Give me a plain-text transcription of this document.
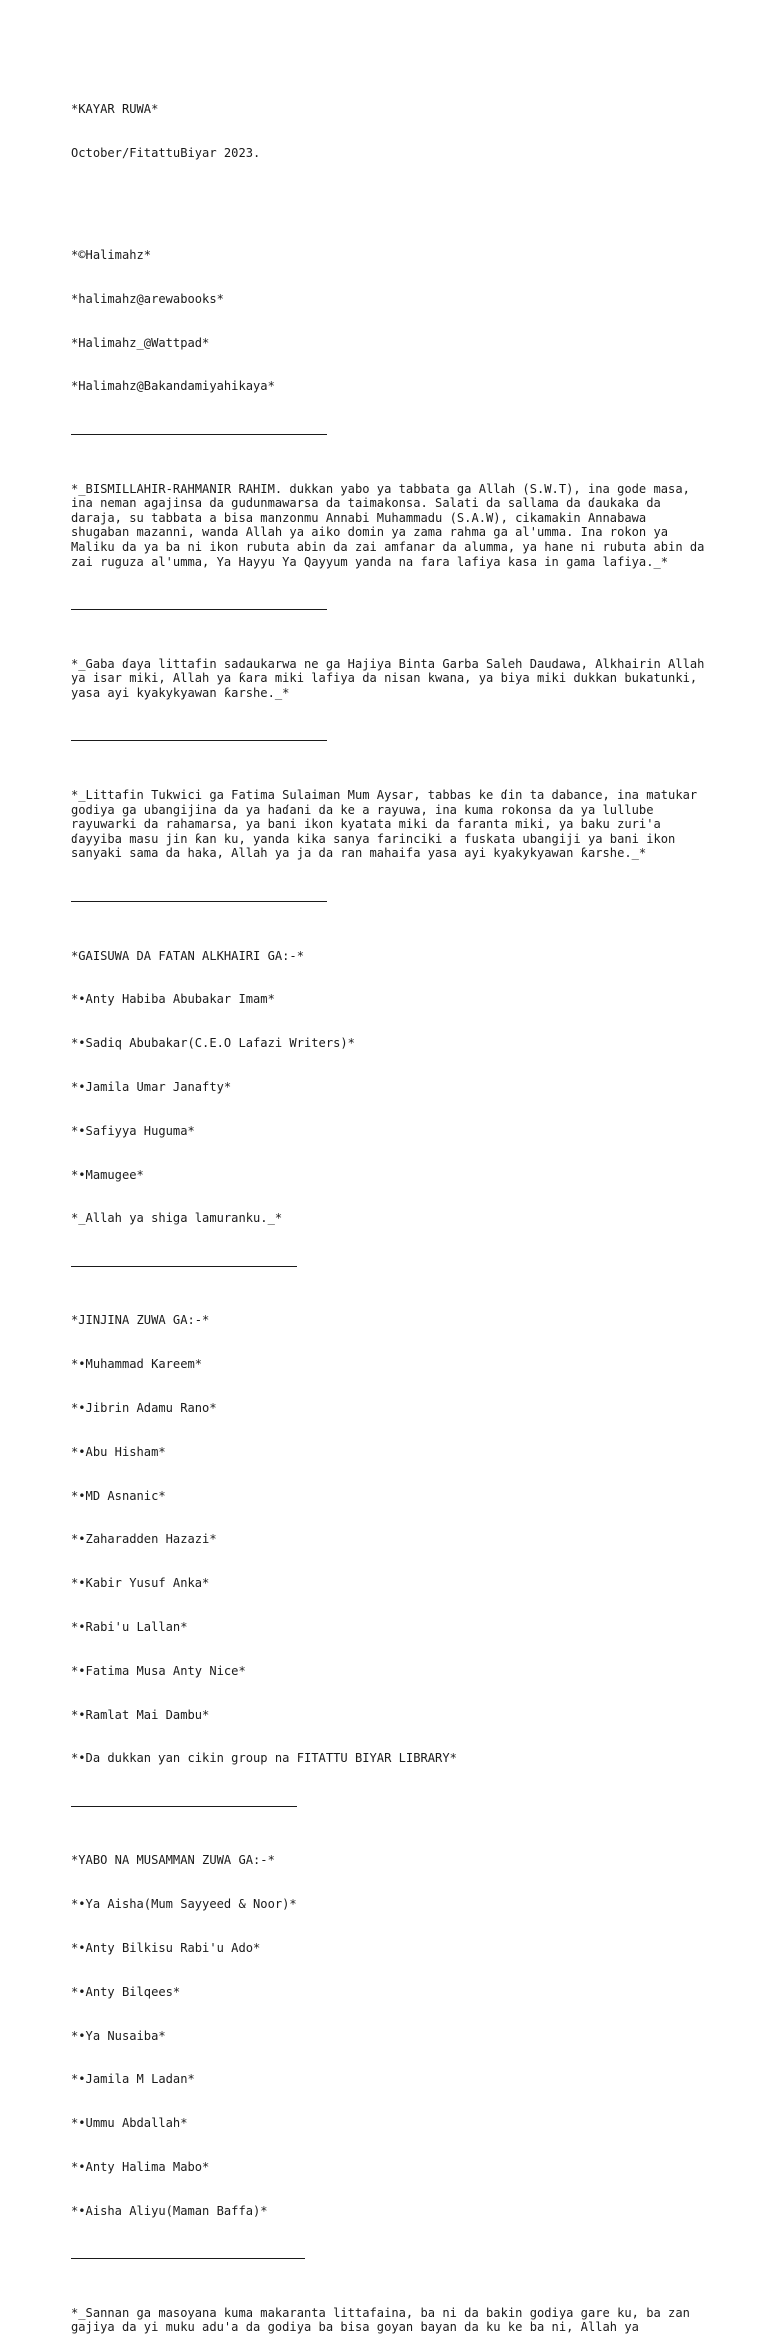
*KAYAR RUWA*

October/FitattuBiyar 2023.

*©Halimahz*

*halimahz@arewabooks*

*Halimahz_@Wattpad*

*Halimahz@Bakandamiyahikaya*

*_BISMILLAHIR-RAHMANIR RAHIM. dukkan yabo ya tabbata ga Allah (S.W.T), ina gode masa, ina neman agajinsa da gudunmawarsa da taimakonsa. Salati da sallama da ɗaukaka da daraja, su tabbata a bisa manzonmu Annabi Muhammadu (S.A.W), cikamakin Annabawa shugaban mazanni, wanda Allah ya aiko domin ya zama rahma ga al'umma. Ina rokon ya Maliku da ya ba ni ikon rubuta abin da zai amfanar da alumma, ya hane ni rubuta abin da zai ruguza al'umma, Ya Hayyu Ya Qayyum yanda na fara lafiya kasa in gama lafiya._*

*_Gaba ɗaya littafin sadaukarwa ne ga Hajiya Binta Garba Saleh Daudawa, Alkhairin Allah ya isar miki, Allah ya ƙara miki lafiya da nisan kwana, ya biya miki dukkan bukatunki, yasa ayi kyakykyawan ƙarshe._*

*_Littafin Tukwici ga Fatima Sulaiman Mum Aysar, tabbas ke ɗin ta dabance, ina matukar godiya ga ubangijina da ya haɗani da ke a rayuwa, ina kuma rokonsa da ya lullube rayuwarki da rahamarsa, ya bani ikon kyatata miki da faranta miki, ya baku zuri'a ɗayyiba masu jin ƙan ku, yanda kika sanya farinciki a fuskata ubangiji ya bani ikon sanyaki sama da haka, Allah ya ja da ran mahaifa yasa ayi kyakykyawan ƙarshe._*

*GAISUWA DA FATAN ALKHAIRI GA:-*

*•Anty Habiba Abubakar Imam*

*•Sadiq Abubakar(C.E.O Lafazi Writers)*

*•Jamila Umar Janafty*

*•Safiyya Huguma*

*•Mamugee*

*_Allah ya shiga lamuranku._*

*JINJINA ZUWA GA:-*

*•Muhammad Kareem*

*•Jibrin Adamu Rano*

*•Abu Hisham*

*•MD Asnanic*

*•Zaharadden Hazazi*

*•Kabir Yusuf Anka*

*•Rabi'u Lallan*

*•Fatima Musa Anty Nice*

*•Ramlat Mai Dambu*

*•Da dukkan ƴan cikin group na FITATTU BIYAR LIBRARY*

*YABO NA MUSAMMAN ZUWA GA:-*

*•Ya Aisha(Mum Sayyeed & Noor)*

*•Anty Bilkisu Rabi'u Ado*

*•Anty Bilqees*

*•Ya Nusaiba*

*•Jamila M Ladan*

*•Ummu Abdallah*

*•Anty Halima Mabo*

*•Aisha Aliyu(Maman Baffa)*

*_Sannan ga masoyana kuma makaranta littafaina, ba ni da bakin godiya gare ku, ba zan gajiya da yi muku adu'a da godiya ba bisa goyan bayan da ku ke ba ni, Allah ya
